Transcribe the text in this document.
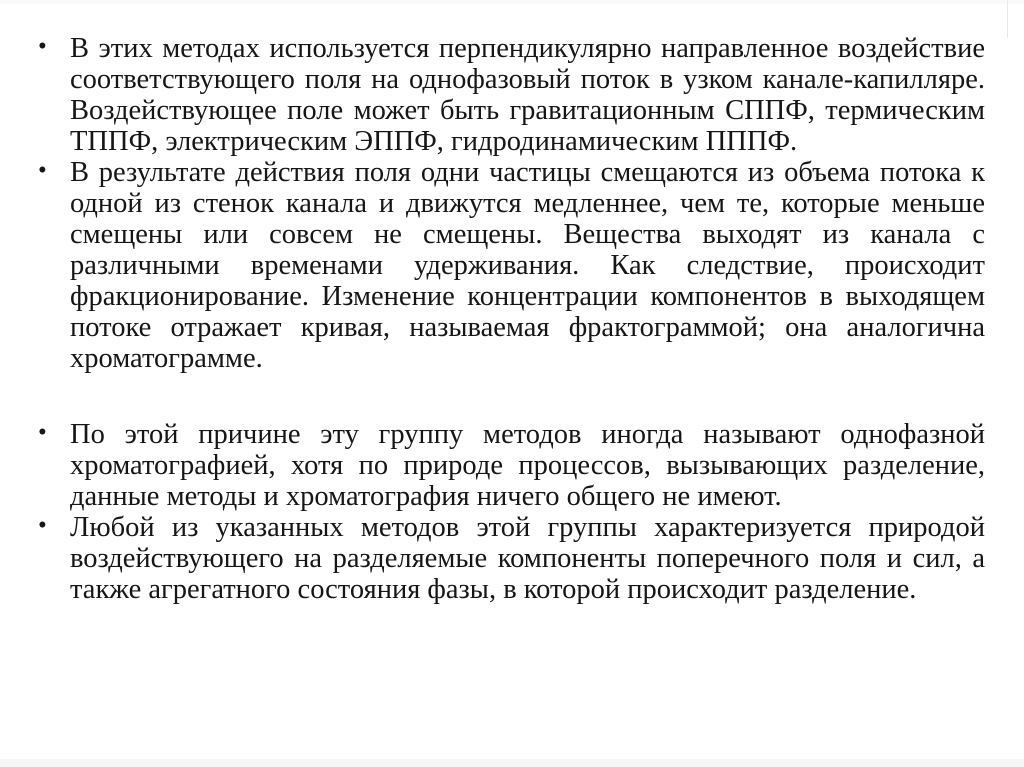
• В этих методах используется перпендикулярно направленное воздействие соответствующего поля на однофазовый поток в узком канале-капилляре. Воздействующее поле может быть гравитационным СППФ, термическим ТППФ, электрическим ЭППФ, гидродинамическим ПППФ.
• В результате действия поля одни частицы смещаются из объема потока к одной из стенок канала и движутся медленнее, чем те, которые меньше смещены или совсем не смещены. Вещества выходят из канала с различными временами удерживания. Как следствие, происходит фракционирование. Изменение концентрации компонентов в выходящем потоке отражает кривая, называемая фрактограммой; она аналогична хроматограмме.
• По этой причине эту группу методов иногда называют однофазной хроматографией, хотя по природе процессов, вызывающих разделение, данные методы и хроматография ничего общего не имеют.
• Любой из указанных методов этой группы характеризуется природой воздействующего на разделяемые компоненты поперечного поля и сил, а также агрегатного состояния фазы, в которой происходит разделение.
